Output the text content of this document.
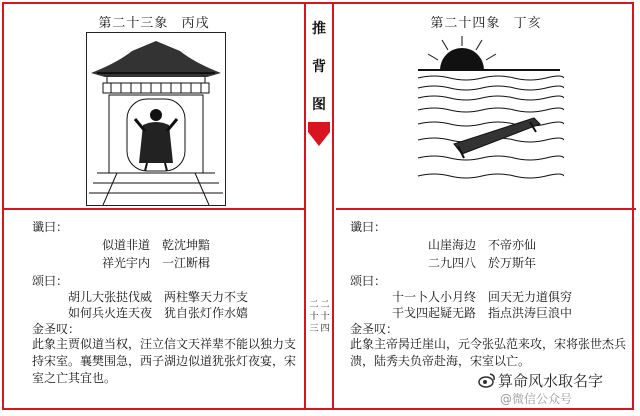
第二十三象 丙戌
谶曰：
似道非道　乾沈坤黯
祥光宇内　一江断楫
颂曰：
胡儿大张挞伐威　两柱擎天力不支
如何兵火连天夜　犹自张灯作水嬉
金圣叹：
此象主贾似道当权，汪立信文天祥辈不能以独力支持宋室。襄樊围急，西子湖边似道犹张灯夜宴，宋室之亡其宜也。
推
背
图
二
十
三
二
十
四
第二十四象 丁亥
谶曰：
山崖海边　不帝亦仙
二九四八　於万斯年
颂曰：
十一卜人小月终　回天无力道俱穷
干戈四起疑无路　指点洪涛巨浪中
金圣叹：
此象主帝昺迁崖山，元令张弘范来攻，宋将张世杰兵溃，陆秀夫负帝赴海，宋室以亡。
算命风水取名字
@微信公众号
